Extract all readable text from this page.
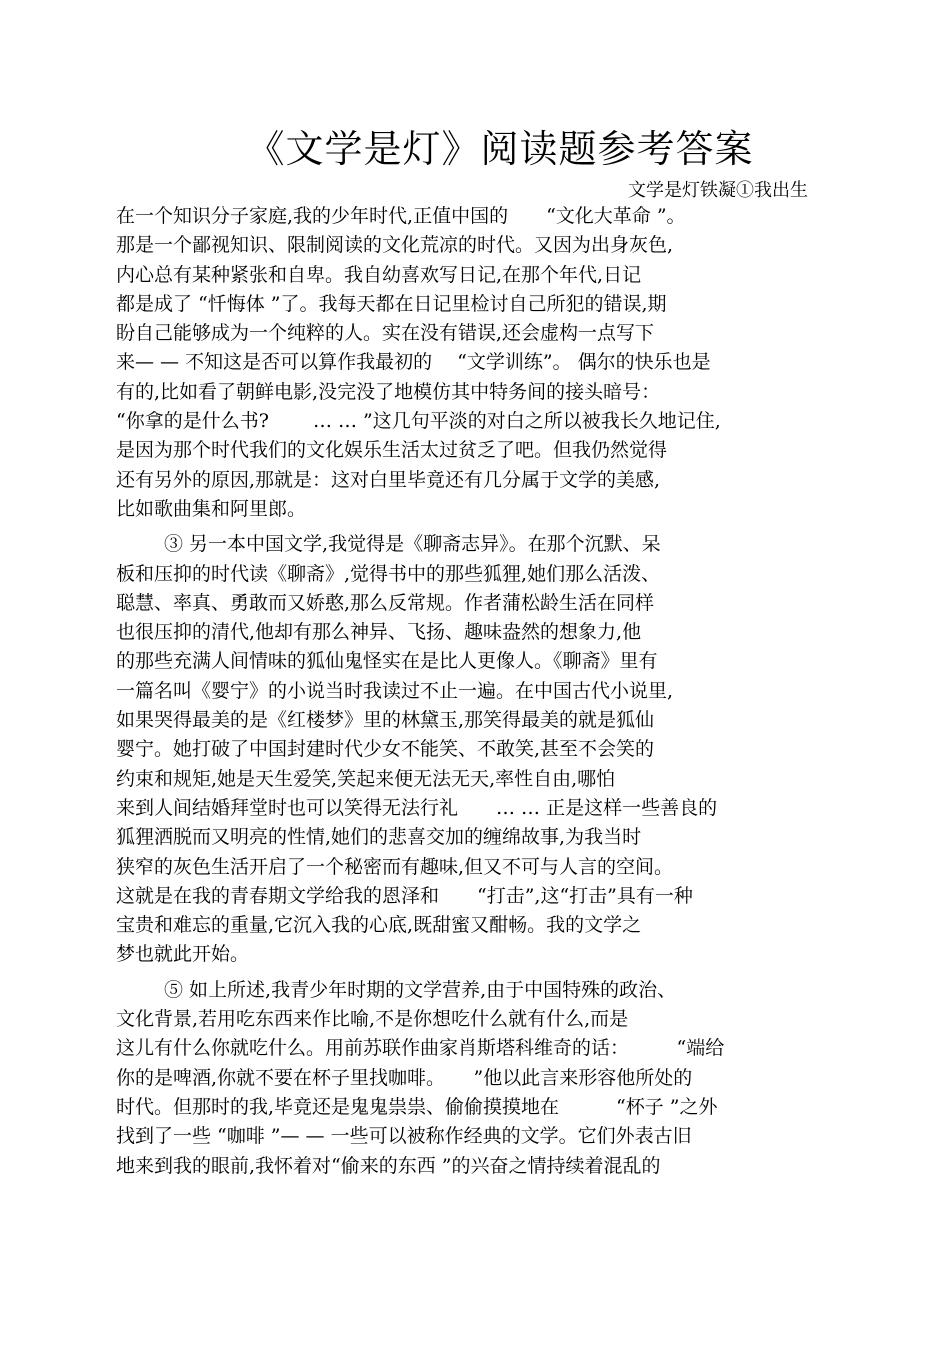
《文学是灯》阅读题参考答案
文学是灯铁凝①我出生
在一个知识分子家庭,我的少年时代,正值中国的　　“文化大革命 ”。
那是一个鄙视知识、限制阅读的文化荒凉的时代。又因为出身灰色,
内心总有某种紧张和自卑。我自幼喜欢写日记,在那个年代,日记
都是成了 “忏悔体 ”了。我每天都在日记里检讨自己所犯的错误,期
盼自己能够成为一个纯粹的人。实在没有错误,还会虚构一点写下
来— — 不知这是否可以算作我最初的　 “文学训练”。 偶尔的快乐也是
有的,比如看了朝鲜电影,没完没了地模仿其中特务间的接头暗号：
“你拿的是什么书?　　 … … ”这几句平淡的对白之所以被我长久地记住,
是因为那个时代我们的文化娱乐生活太过贫乏了吧。但我仍然觉得
还有另外的原因,那就是：这对白里毕竟还有几分属于文学的美感,
比如歌曲集和阿里郎。
③ 另一本中国文学,我觉得是《聊斋志异》。在那个沉默、呆
板和压抑的时代读《聊斋》,觉得书中的那些狐狸,她们那么活泼、
聪慧、率真、勇敢而又娇憨,那么反常规。作者蒲松龄生活在同样
也很压抑的清代,他却有那么神异、飞扬、趣味盎然的想象力,他
的那些充满人间情味的狐仙鬼怪实在是比人更像人。《聊斋》里有
一篇名叫《婴宁》的小说当时我读过不止一遍。在中国古代小说里,
如果哭得最美的是《红楼梦》里的林黛玉,那笑得最美的就是狐仙
婴宁。她打破了中国封建时代少女不能笑、不敢笑,甚至不会笑的
约束和规矩,她是天生爱笑,笑起来便无法无天,率性自由,哪怕
来到人间结婚拜堂时也可以笑得无法行礼　　… … 正是这样一些善良的
狐狸洒脱而又明亮的性情,她们的悲喜交加的缠绵故事,为我当时
狭窄的灰色生活开启了一个秘密而有趣味,但又不可与人言的空间。
这就是在我的青春期文学给我的恩泽和　　“打击”,这“打击”具有一种
宝贵和难忘的重量,它沉入我的心底,既甜蜜又酣畅。我的文学之
梦也就此开始。
⑤ 如上所述,我青少年时期的文学营养,由于中国特殊的政治、
文化背景,若用吃东西来作比喻,不是你想吃什么就有什么,而是
这儿有什么你就吃什么。用前苏联作曲家肖斯塔科维奇的话：　　　“端给
你的是啤酒,你就不要在杯子里找咖啡。　　”他以此言来形容他所处的
时代。但那时的我,毕竟还是鬼鬼祟祟、偷偷摸摸地在　　　“杯子 ”之外
找到了一些 “咖啡 ”— — 一些可以被称作经典的文学。它们外表古旧
地来到我的眼前,我怀着对“偷来的东西 ”的兴奋之情持续着混乱的
